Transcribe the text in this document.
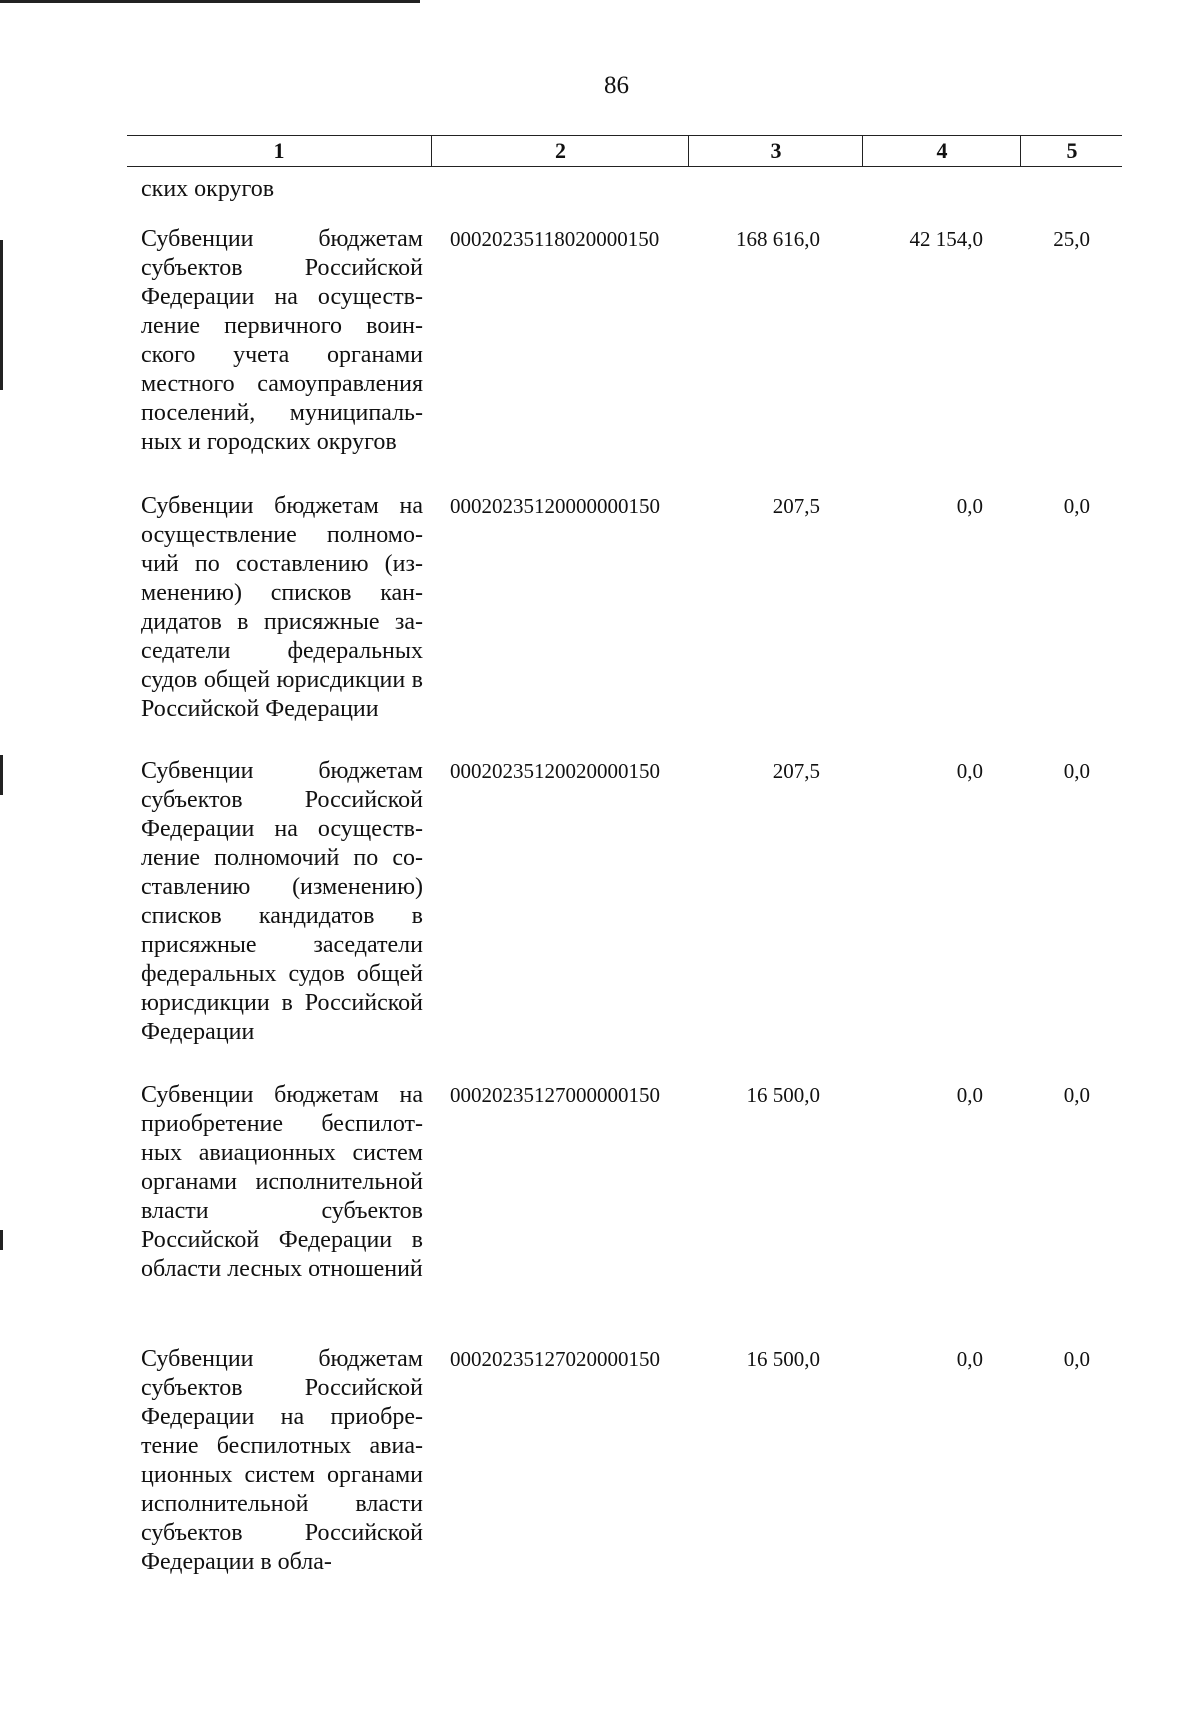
86
1	2	3	4	5
ских округов
Субвенции бюджетам субъектов Российской Федерации на осуществление первичного воинского учета органами местного самоуправления поселений, муниципальных и городских округов
00020235118020000150	168 616,0	42 154,0	25,0
Субвенции бюджетам на осуществление полномочий по составлению (изменению) списков кандидатов в присяжные заседатели федеральных судов общей юрисдикции в Российской Федерации
00020235120000000150	207,5	0,0	0,0
Субвенции бюджетам субъектов Российской Федерации на осуществление полномочий по составлению (изменению) списков кандидатов в присяжные заседатели федеральных судов общей юрисдикции в Российской Федерации
00020235120020000150	207,5	0,0	0,0
Субвенции бюджетам на приобретение беспилотных авиационных систем органами исполнительной власти субъектов Российской Федерации в области лесных отношений
00020235127000000150	16 500,0	0,0	0,0
Субвенции бюджетам субъектов Российской Федерации на приобретение беспилотных авиационных систем органами исполнительной власти субъектов Российской Федерации в обла-
00020235127020000150	16 500,0	0,0	0,0
